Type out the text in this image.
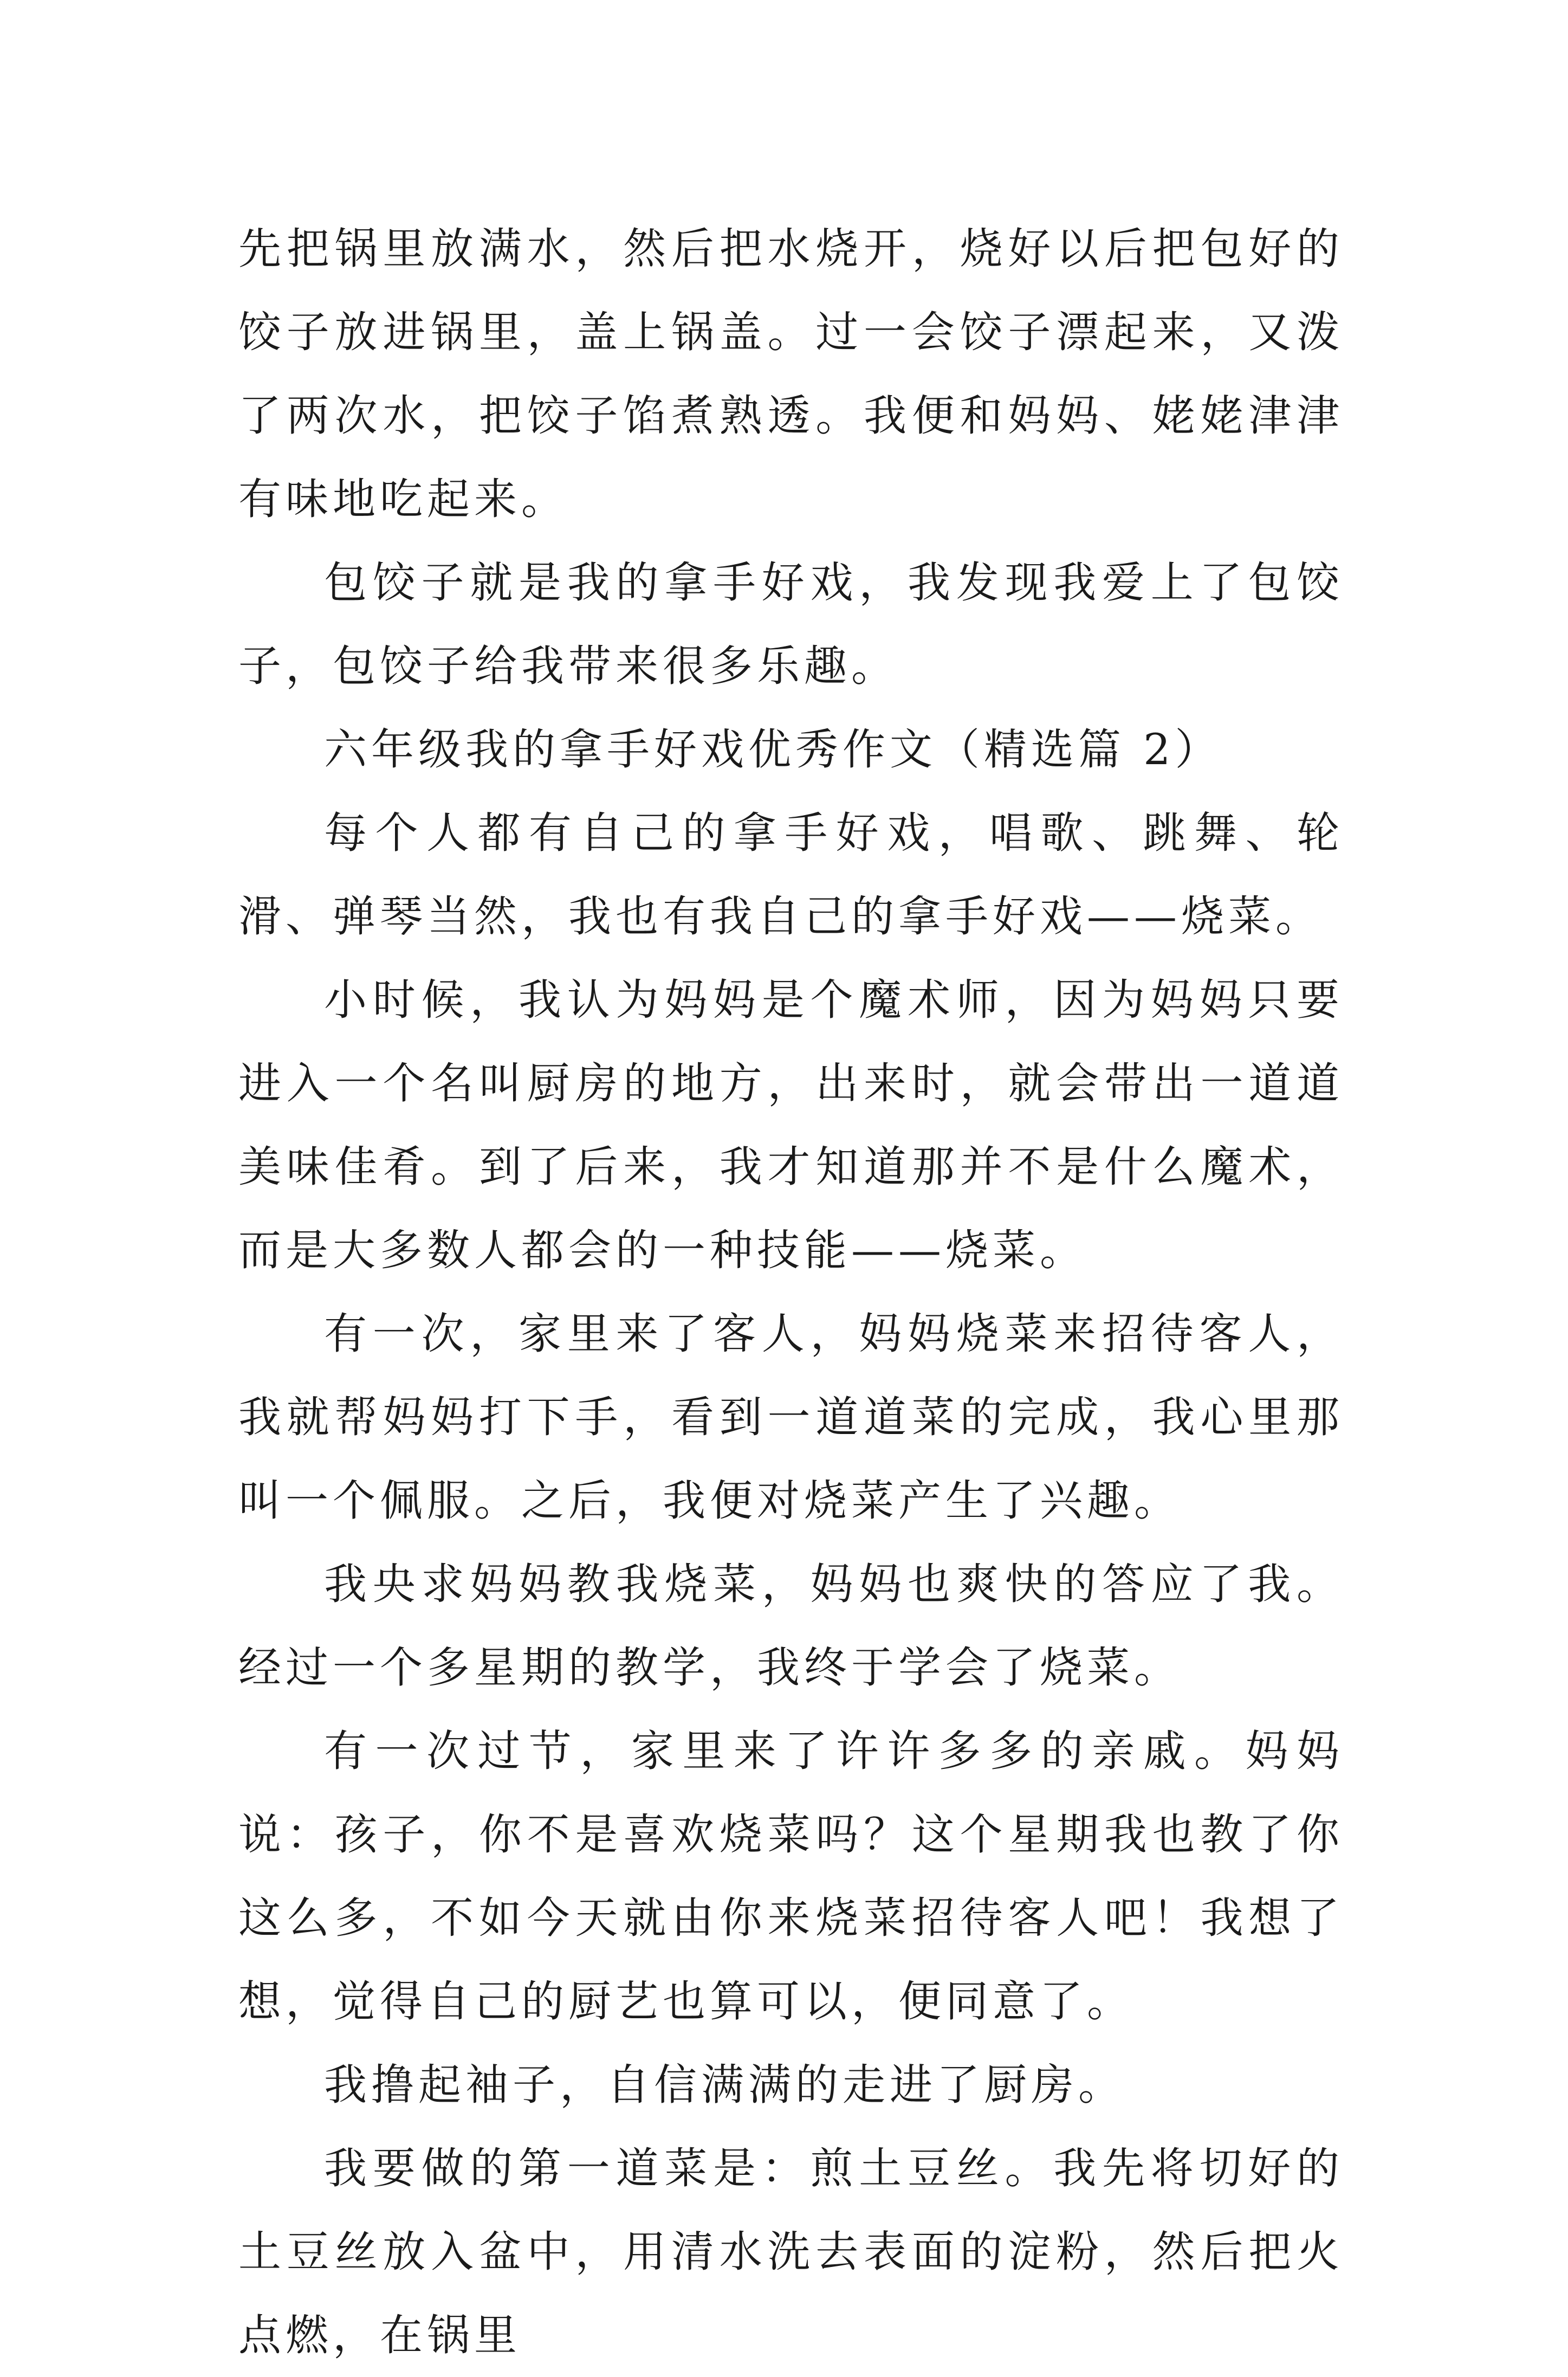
先把锅里放满水，然后把水烧开，烧好以后把包好的饺子放进锅里，盖上锅盖。过一会饺子漂起来，又泼了两次水，把饺子馅煮熟透。我便和妈妈、姥姥津津有味地吃起来。

包饺子就是我的拿手好戏，我发现我爱上了包饺子，包饺子给我带来很多乐趣。

六年级我的拿手好戏优秀作文（精选篇 2）

每个人都有自己的拿手好戏，唱歌、跳舞、轮滑、弹琴当然，我也有我自己的拿手好戏——烧菜。

小时候，我认为妈妈是个魔术师，因为妈妈只要进入一个名叫厨房的地方，出来时，就会带出一道道美味佳肴。到了后来，我才知道那并不是什么魔术，而是大多数人都会的一种技能——烧菜。

有一次，家里来了客人，妈妈烧菜来招待客人，我就帮妈妈打下手，看到一道道菜的完成，我心里那叫一个佩服。之后，我便对烧菜产生了兴趣。

我央求妈妈教我烧菜，妈妈也爽快的答应了我。经过一个多星期的教学，我终于学会了烧菜。

有一次过节，家里来了许许多多的亲戚。妈妈说：孩子，你不是喜欢烧菜吗？这个星期我也教了你这么多，不如今天就由你来烧菜招待客人吧！我想了想，觉得自己的厨艺也算可以，便同意了。

我撸起袖子，自信满满的走进了厨房。

我要做的第一道菜是：煎土豆丝。我先将切好的土豆丝放入盆中，用清水洗去表面的淀粉，然后把火点燃，在锅里
